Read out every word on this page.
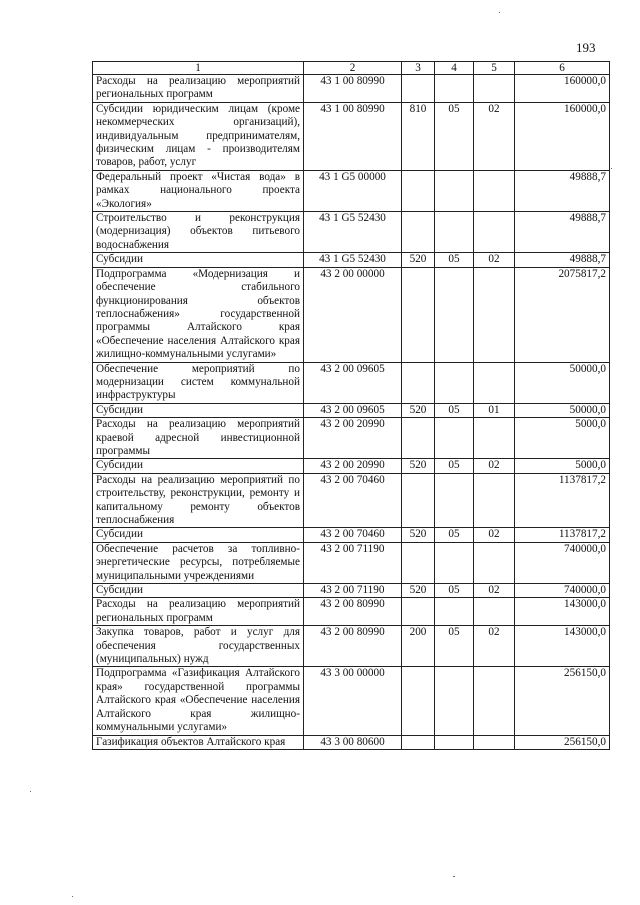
193
1	2	3	4	5	6
Расходы на реализацию мероприятий региональных программ	43 1 00 80990				160000,0
Субсидии юридическим лицам (кроме некоммерческих организаций), индивидуальным предпринимателям, физическим лицам - производителям товаров, работ, услуг	43 1 00 80990	810	05	02	160000,0
Федеральный проект «Чистая вода» в рамках национального проекта «Экология»	43 1 G5 00000				49888,7
Строительство и реконструкция (модернизация) объектов питьевого водоснабжения	43 1 G5 52430				49888,7
Субсидии	43 1 G5 52430	520	05	02	49888,7
Подпрограмма «Модернизация и обеспечение стабильного функционирования объектов теплоснабжения» государственной программы Алтайского края «Обеспечение населения Алтайского края жилищно-коммунальными услугами»	43 2 00 00000				2075817,2
Обеспечение мероприятий по модернизации систем коммунальной инфраструктуры	43 2 00 09605				50000,0
Субсидии	43 2 00 09605	520	05	01	50000,0
Расходы на реализацию мероприятий краевой адресной инвестиционной программы	43 2 00 20990				5000,0
Субсидии	43 2 00 20990	520	05	02	5000,0
Расходы на реализацию мероприятий по строительству, реконструкции, ремонту и капитальному ремонту объектов теплоснабжения	43 2 00 70460				1137817,2
Субсидии	43 2 00 70460	520	05	02	1137817,2
Обеспечение расчетов за топливно-энергетические ресурсы, потребляемые муниципальными учреждениями	43 2 00 71190				740000,0
Субсидии	43 2 00 71190	520	05	02	740000,0
Расходы на реализацию мероприятий региональных программ	43 2 00 80990				143000,0
Закупка товаров, работ и услуг для обеспечения государственных (муниципальных) нужд	43 2 00 80990	200	05	02	143000,0
Подпрограмма «Газификация Алтайского края» государственной программы Алтайского края «Обеспечение населения Алтайского края жилищно-коммунальными услугами»	43 3 00 00000				256150,0
Газификация объектов Алтайского края	43 3 00 80600				256150,0
